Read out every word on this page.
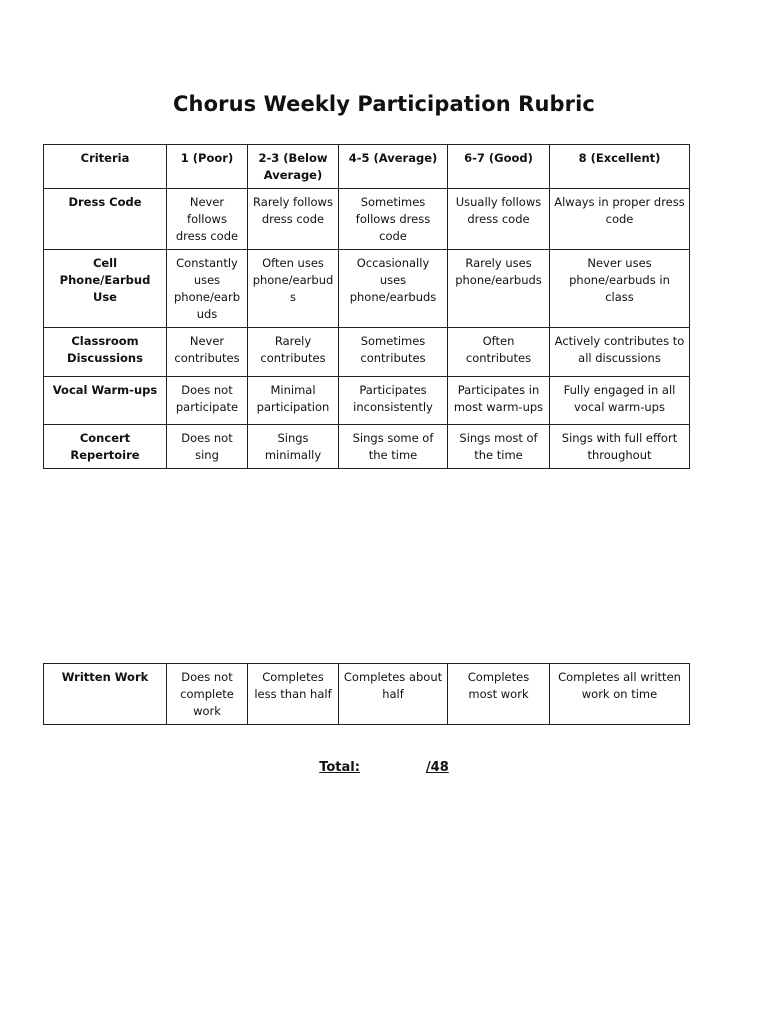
Chorus Weekly Participation Rubric
Criteria	1 (Poor)	2-3 (Below Average)	4-5 (Average)	6-7 (Good)	8 (Excellent)
Dress Code	Never follows dress code	Rarely follows dress code	Sometimes follows dress code	Usually follows dress code	Always in proper dress code
Cell Phone/Earbud Use	Constantly uses phone/earbuds	Often uses phone/earbuds	Occasionally uses phone/earbuds	Rarely uses phone/earbuds	Never uses phone/earbuds in class
Classroom Discussions	Never contributes	Rarely contributes	Sometimes contributes	Often contributes	Actively contributes to all discussions
Vocal Warm-ups	Does not participate	Minimal participation	Participates inconsistently	Participates in most warm-ups	Fully engaged in all vocal warm-ups
Concert Repertoire	Does not sing	Sings minimally	Sings some of the time	Sings most of the time	Sings with full effort throughout
Written Work	Does not complete work	Completes less than half	Completes about half	Completes most work	Completes all written work on time
Total:	/48
